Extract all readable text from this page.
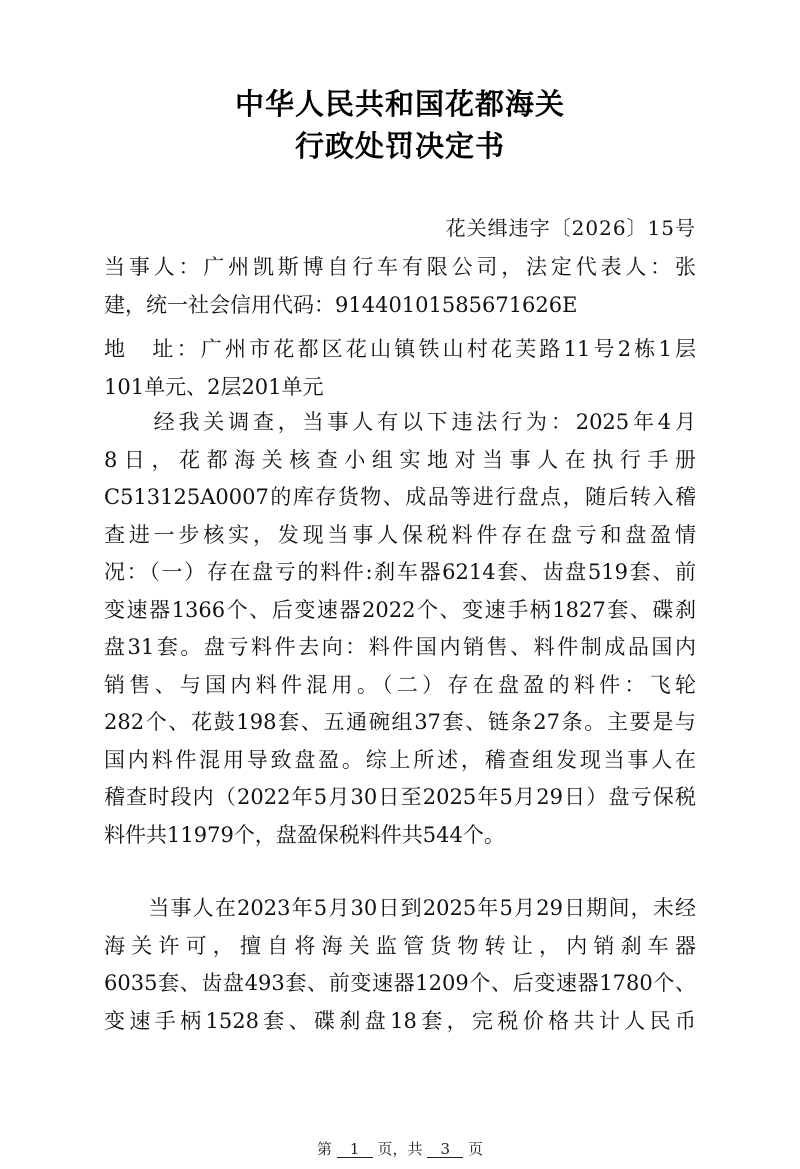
中华人民共和国花都海关
行政处罚决定书
花关缉违字〔2026〕15号
当事人：广州凯斯博自行车有限公司，法定代表人：张
建，统一社会信用代码：91440101585671626E
地　址：广州市花都区花山镇铁山村花芙路11号2栋1层
101单元、2层201单元
　　经我关调查，当事人有以下违法行为：2025年4月
8日，花都海关核查小组实地对当事人在执行手册
C513125A0007的库存货物、成品等进行盘点，随后转入稽
查进一步核实，发现当事人保税料件存在盘亏和盘盈情
况：（一）存在盘亏的料件:刹车器6214套、齿盘519套、前
变速器1366个、后变速器2022个、变速手柄1827套、碟刹
盘31套。盘亏料件去向：料件国内销售、料件制成品国内
销售、与国内料件混用。（二）存在盘盈的料件：飞轮
282个、花鼓198套、五通碗组37套、链条27条。主要是与
国内料件混用导致盘盈。综上所述，稽查组发现当事人在
稽查时段内（2022年5月30日至2025年5月29日）盘亏保税
料件共11979个，盘盈保税料件共544个。
　　当事人在2023年5月30日到2025年5月29日期间，未经
海关许可，擅自将海关监管货物转让，内销刹车器
6035套、齿盘493套、前变速器1209个、后变速器1780个、
变速手柄1528套、碟刹盘18套，完税价格共计人民币
第 1 页，共 3 页
